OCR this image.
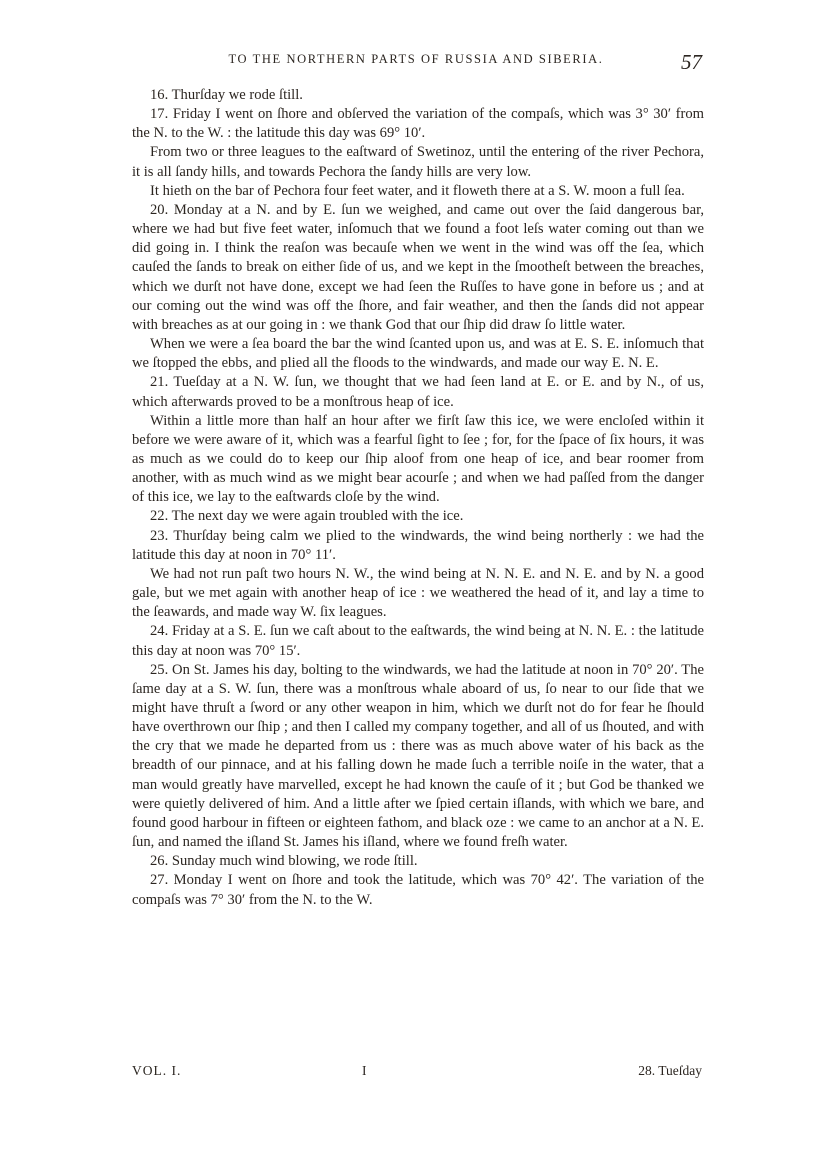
TO THE NORTHERN PARTS OF RUSSIA AND SIBERIA.	57

16. Thurſday we rode ſtill.

17. Friday I went on ſhore and obſerved the variation of the compaſs, which was 3° 30′ from the N. to the W. : the latitude this day was 69° 10′.

From two or three leagues to the eaſtward of Swetinoz, until the entering of the river Pechora, it is all ſandy hills, and towards Pechora the ſandy hills are very low.

It hieth on the bar of Pechora four feet water, and it floweth there at a S. W. moon a full ſea.

20. Monday at a N. and by E. ſun we weighed, and came out over the ſaid dangerous bar, where we had but five feet water, inſomuch that we found a foot leſs water coming out than we did going in. I think the reaſon was becauſe when we went in the wind was off the ſea, which cauſed the ſands to break on either ſide of us, and we kept in the ſmootheſt between the breaches, which we durſt not have done, except we had ſeen the Ruſſes to have gone in before us ; and at our coming out the wind was off the ſhore, and fair weather, and then the ſands did not appear with breaches as at our going in : we thank God that our ſhip did draw ſo little water.

When we were a ſea board the bar the wind ſcanted upon us, and was at E. S. E. inſomuch that we ſtopped the ebbs, and plied all the floods to the windwards, and made our way E. N. E.

21. Tueſday at a N. W. ſun, we thought that we had ſeen land at E. or E. and by N., of us, which afterwards proved to be a monſtrous heap of ice.

Within a little more than half an hour after we firſt ſaw this ice, we were encloſed within it before we were aware of it, which was a fearful ſight to ſee ; for, for the ſpace of ſix hours, it was as much as we could do to keep our ſhip aloof from one heap of ice, and bear roomer from another, with as much wind as we might bear acourſe ; and when we had paſſed from the danger of this ice, we lay to the eaſtwards cloſe by the wind.

22. The next day we were again troubled with the ice.

23. Thurſday being calm we plied to the windwards, the wind being northerly : we had the latitude this day at noon in 70° 11′.

We had not run paſt two hours N. W., the wind being at N. N. E. and N. E. and by N. a good gale, but we met again with another heap of ice : we weathered the head of it, and lay a time to the ſeawards, and made way W. ſix leagues.

24. Friday at a S. E. ſun we caſt about to the eaſtwards, the wind being at N. N. E. : the latitude this day at noon was 70° 15′.

25. On St. James his day, bolting to the windwards, we had the latitude at noon in 70° 20′. The ſame day at a S. W. ſun, there was a monſtrous whale aboard of us, ſo near to our ſide that we might have thruſt a ſword or any other weapon in him, which we durſt not do for fear he ſhould have overthrown our ſhip ; and then I called my company together, and all of us ſhouted, and with the cry that we made he departed from us : there was as much above water of his back as the breadth of our pinnace, and at his falling down he made ſuch a terrible noiſe in the water, that a man would greatly have marvelled, except he had known the cauſe of it ; but God be thanked we were quietly delivered of him. And a little after we ſpied certain iſlands, with which we bare, and found good harbour in fifteen or eighteen fathom, and black oze : we came to an anchor at a N. E. ſun, and named the iſland St. James his iſland, where we found freſh water.

26. Sunday much wind blowing, we rode ſtill.

27. Monday I went on ſhore and took the latitude, which was 70° 42′. The variation of the compaſs was 7° 30′ from the N. to the W.

VOL. I.	I	28. Tueſday
